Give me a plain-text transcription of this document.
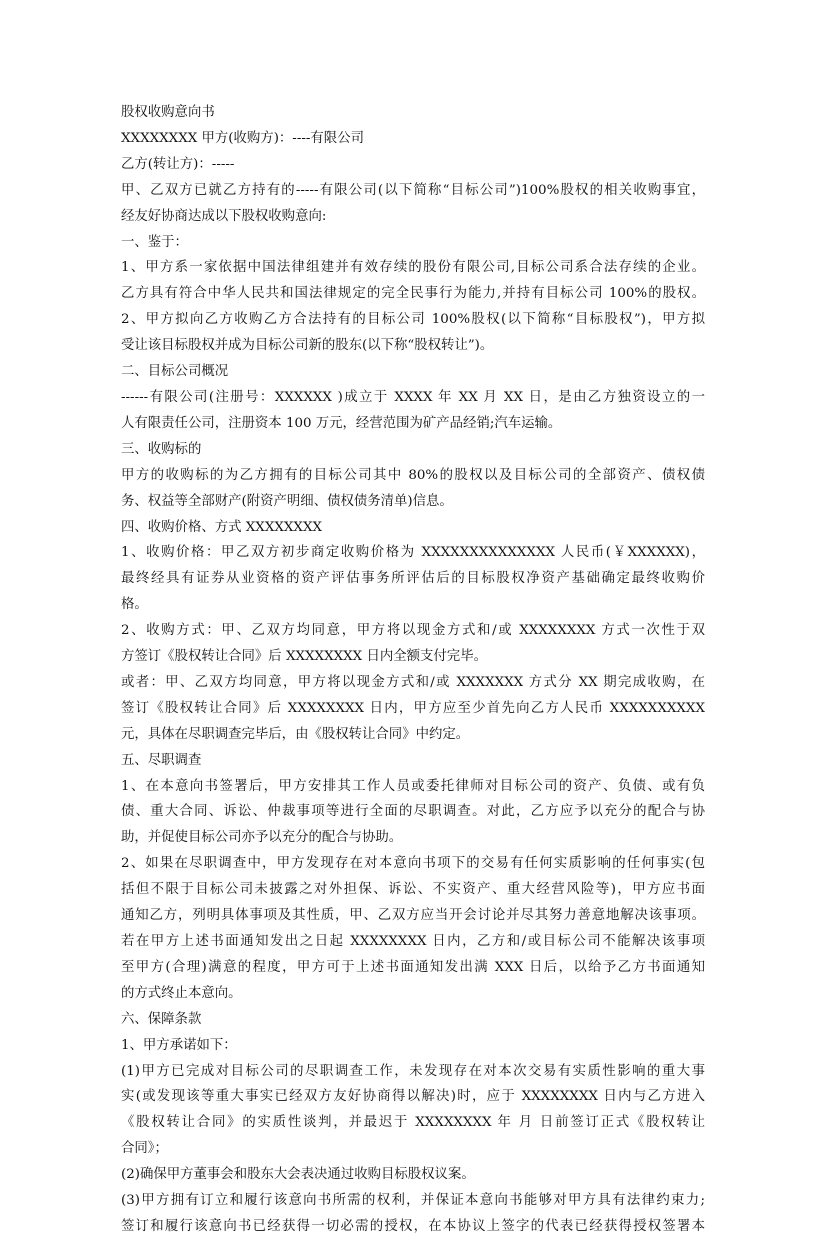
股权收购意向书
XXXXXXXX 甲方(收购方)：----有限公司
乙方(转让方)：-----
甲、乙双方已就乙方持有的-----有限公司(以下简称“目标公司”)100%股权的相关收购事宜，
经友好协商达成以下股权收购意向:
一、鉴于：
1、甲方系一家依据中国法律组建并有效存续的股份有限公司,目标公司系合法存续的企业。
乙方具有符合中华人民共和国法律规定的完全民事行为能力,并持有目标公司 100%的股权。
2、甲方拟向乙方收购乙方合法持有的目标公司 100%股权(以下简称“目标股权”)，甲方拟
受让该目标股权并成为目标公司新的股东(以下称“股权转让”)。
二、目标公司概况
------有限公司(注册号：XXXXXX )成立于 XXXX 年 XX 月 XX 日，是由乙方独资设立的一
人有限责任公司，注册资本 100 万元，经营范围为矿产品经销;汽车运输。
三、收购标的
甲方的收购标的为乙方拥有的目标公司其中 80%的股权以及目标公司的全部资产、债权债
务、权益等全部财产(附资产明细、债权债务清单)信息。
四、收购价格、方式 XXXXXXXX
1、收购价格：甲乙双方初步商定收购价格为 XXXXXXXXXXXXXX 人民币(￥XXXXXX)，
最终经具有证券从业资格的资产评估事务所评估后的目标股权净资产基础确定最终收购价
格。
2、收购方式：甲、乙双方均同意，甲方将以现金方式和/或 XXXXXXXX 方式一次性于双
方签订《股权转让合同》后 XXXXXXXX 日内全额支付完毕。
或者：甲、乙双方均同意，甲方将以现金方式和/或 XXXXXXX 方式分 XX 期完成收购，在
签订《股权转让合同》后 XXXXXXXX 日内，甲方应至少首先向乙方人民币 XXXXXXXXXX
元，具体在尽职调查完毕后，由《股权转让合同》中约定。
五、尽职调查
1、在本意向书签署后，甲方安排其工作人员或委托律师对目标公司的资产、负债、或有负
债、重大合同、诉讼、仲裁事项等进行全面的尽职调查。对此，乙方应予以充分的配合与协
助，并促使目标公司亦予以充分的配合与协助。
2、如果在尽职调查中，甲方发现存在对本意向书项下的交易有任何实质影响的任何事实(包
括但不限于目标公司未披露之对外担保、诉讼、不实资产、重大经营风险等)，甲方应书面
通知乙方，列明具体事项及其性质，甲、乙双方应当开会讨论并尽其努力善意地解决该事项。
若在甲方上述书面通知发出之日起 XXXXXXXX 日内，乙方和/或目标公司不能解决该事项
至甲方(合理)满意的程度，甲方可于上述书面通知发出满 XXX 日后，以给予乙方书面通知
的方式终止本意向。
六、保障条款
1、甲方承诺如下：
(1)甲方已完成对目标公司的尽职调查工作，未发现存在对本次交易有实质性影响的重大事
实(或发现该等重大事实已经双方友好协商得以解决)时，应于 XXXXXXXX 日内与乙方进入
《股权转让合同》的实质性谈判，并最迟于 XXXXXXXX 年 月 日前签订正式《股权转让
合同》；
(2)确保甲方董事会和股东大会表决通过收购目标股权议案。
(3)甲方拥有订立和履行该意向书所需的权利，并保证本意向书能够对甲方具有法律约束力;
签订和履行该意向书已经获得一切必需的授权，在本协议上签字的代表已经获得授权签署本
